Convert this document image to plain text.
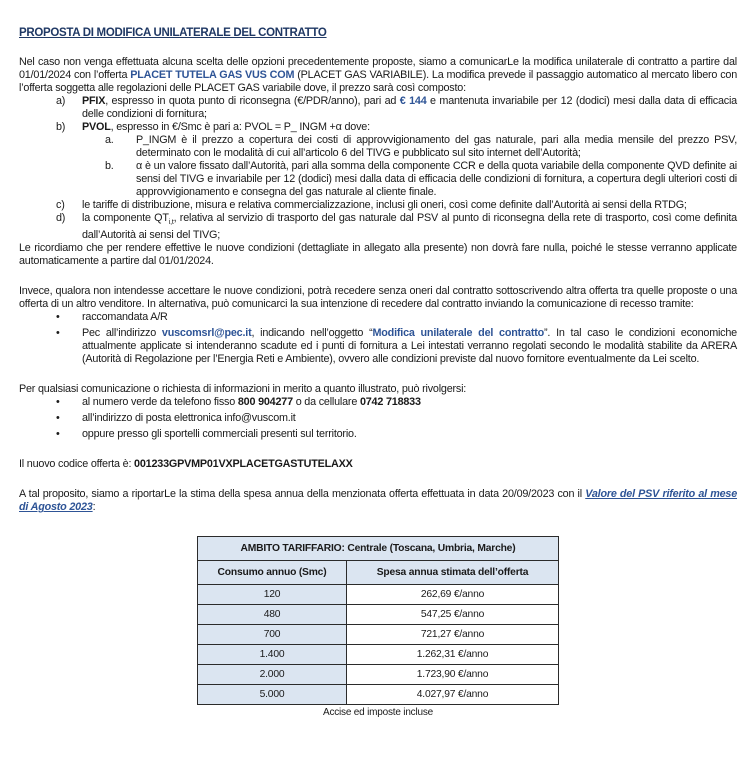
PROPOSTA DI MODIFICA UNILATERALE DEL CONTRATTO

Nel caso non venga effettuata alcuna scelta delle opzioni precedentemente proposte, siamo a comunicarLe la modifica unilaterale di contratto a partire dal 01/01/2024 con l’offerta PLACET TUTELA GAS VUS COM (PLACET GAS VARIABILE). La modifica prevede il passaggio automatico al mercato libero con l’offerta soggetta alle regolazioni delle PLACET GAS variabile dove, il prezzo sarà così composto:

a) PFIX, espresso in quota punto di riconsegna (€/PDR/anno), pari ad € 144 e mantenuta invariabile per 12 (dodici) mesi dalla data di efficacia delle condizioni di fornitura;
b) PVOL, espresso in €/Smc è pari a: PVOL = P_ INGM +α dove:
a. P_INGM è il prezzo a copertura dei costi di approvvigionamento del gas naturale, pari alla media mensile del prezzo PSV, determinato con le modalità di cui all’articolo 6 del TIVG e pubblicato sul sito internet dell’Autorità;
b. α è un valore fissato dall’Autorità, pari alla somma della componente CCR e della quota variabile della componente QVD definite ai sensi del TIVG e invariabile per 12 (dodici) mesi dalla data di efficacia delle condizioni di fornitura, a copertura degli ulteriori costi di approvvigionamento e consegna del gas naturale al cliente finale.
c) le tariffe di distribuzione, misura e relativa commercializzazione, inclusi gli oneri, così come definite dall’Autorità ai sensi della RTDG;
d) la componente $QT_{i,t}$, relativa al servizio di trasporto del gas naturale dal PSV al punto di riconsegna della rete di trasporto, così come definita dall’Autorità ai sensi del TIVG;

Le ricordiamo che per rendere effettive le nuove condizioni (dettagliate in allegato alla presente) non dovrà fare nulla, poiché le stesse verranno applicate automaticamente a partire dal 01/01/2024.

Invece, qualora non intendesse accettare le nuove condizioni, potrà recedere senza oneri dal contratto sottoscrivendo altra offerta tra quelle proposte o una offerta di un altro venditore. In alternativa, può comunicarci la sua intenzione di recedere dal contratto inviando la comunicazione di recesso tramite:

• raccomandata A/R
• Pec all’indirizzo vuscomsrl@pec.it, indicando nell’oggetto “Modifica unilaterale del contratto”. In tal caso le condizioni economiche attualmente applicate si intenderanno scadute ed i punti di fornitura a Lei intestati verranno regolati secondo le modalità stabilite da ARERA (Autorità di Regolazione per l’Energia Reti e Ambiente), ovvero alle condizioni previste dal nuovo fornitore eventualmente da Lei scelto.

Per qualsiasi comunicazione o richiesta di informazioni in merito a quanto illustrato, può rivolgersi:

• al numero verde da telefono fisso 800 904277 o da cellulare 0742 718833
• all’indirizzo di posta elettronica info@vuscom.it
• oppure presso gli sportelli commerciali presenti sul territorio.

Il nuovo codice offerta è: 001233GPVMP01VXPLACETGASTUTELAXX

A tal proposito, siamo a riportarLe la stima della spesa annua della menzionata offerta effettuata in data 20/09/2023 con il Valore del PSV riferito al mese di Agosto 2023:

AMBITO TARIFFARIO: Centrale (Toscana, Umbria, Marche)	
Consumo annuo (Smc)	Spesa annua stimata dell’offerta
120	262,69 €/anno
480	547,25 €/anno
700	721,27 €/anno
1.400	1.262,31 €/anno
2.000	1.723,90 €/anno
5.000	4.027,97 €/anno
Accise ed imposte incluse
